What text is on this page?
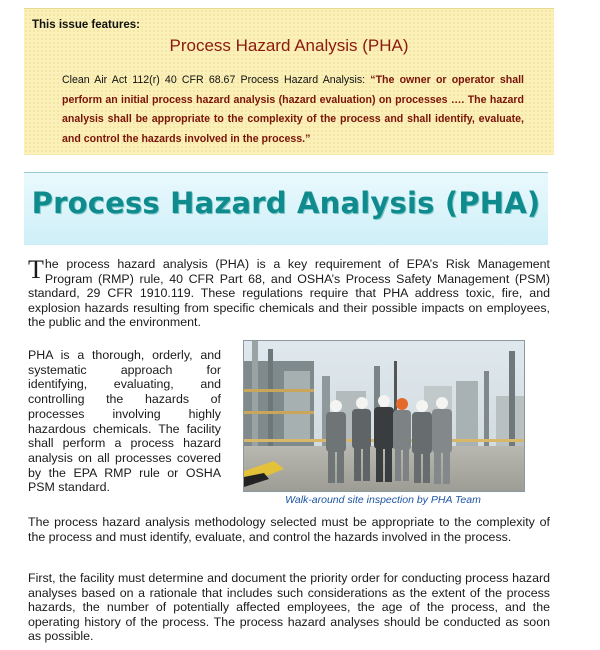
This issue features:
Process Hazard Analysis (PHA)
Clean Air Act 112(r) 40 CFR 68.67 Process Hazard Analysis: “The owner or operator shall perform an initial process hazard analysis (hazard evaluation) on processes …. The hazard analysis shall be appropriate to the complexity of the process and shall identify, evaluate, and control the hazards involved in the process.”
Process Hazard Analysis (PHA)
The process hazard analysis (PHA) is a key requirement of EPA’s Risk Management Program (RMP) rule, 40 CFR Part 68, and OSHA’s Process Safety Management (PSM) standard, 29 CFR 1910.119. These regulations require that PHA address toxic, fire, and explosion hazards resulting from specific chemicals and their possible impacts on employees, the public and the environment.
PHA is a thorough, orderly, and systematic approach for identifying, evaluating, and controlling the hazards of processes involving highly hazardous chemicals. The facility shall perform a process hazard analysis on all processes covered by the EPA RMP rule or OSHA PSM standard.
Walk-around site inspection by PHA Team
The process hazard analysis methodology selected must be appropriate to the complexity of the process and must identify, evaluate, and control the hazards involved in the process.
First, the facility must determine and document the priority order for conducting process hazard analyses based on a rationale that includes such considerations as the extent of the process hazards, the number of potentially affected employees, the age of the process, and the operating history of the process. The process hazard analyses should be conducted as soon as possible.
